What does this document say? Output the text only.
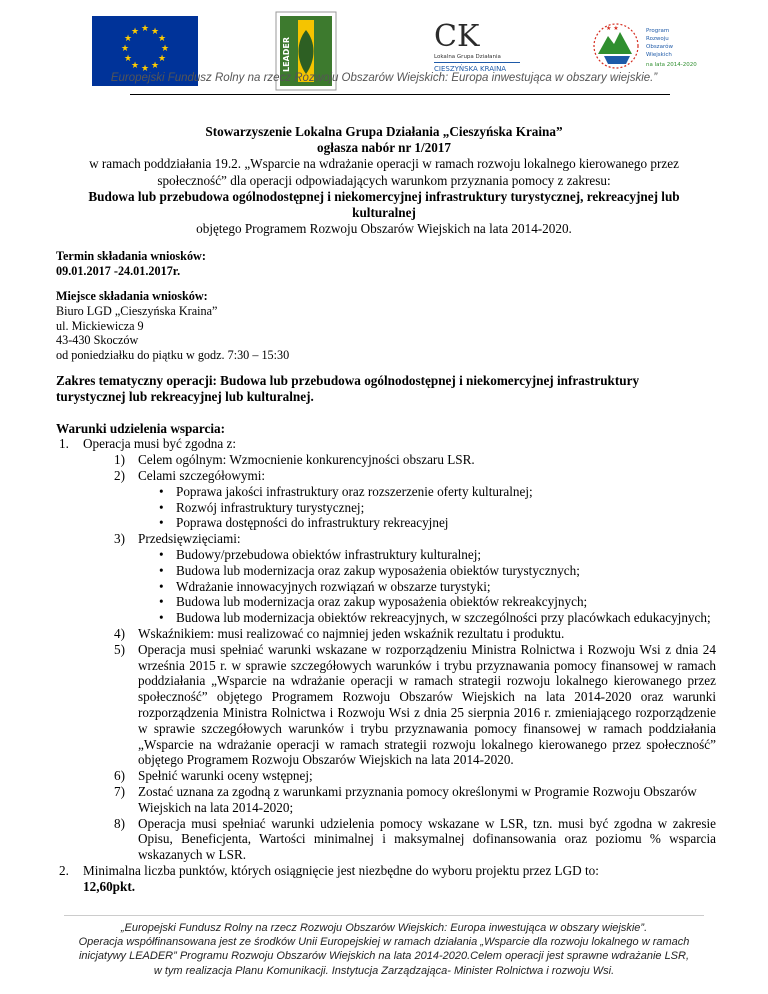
★ ★
★
★
★
★
★
★
★
★
★
★
LEADER
CK
Lokalna Grupa Działania
CIESZYŃSKA KRAINA
★ ★	Program
Rozwoju
Obszarów
Wiejskich
na lata 2014-2020
Europejski Fundusz Rolny na rzecz Rozwoju Obszarów Wiejskich: Europa inwestująca w obszary wiejskie.”
Stowarzyszenie Lokalna Grupa Działania „Cieszyńska Kraina”
ogłasza nabór nr 1/2017
w ramach poddziałania 19.2. „Wsparcie na wdrażanie operacji w ramach rozwoju lokalnego kierowanego przez
społeczność” dla operacji odpowiadających warunkom przyznania pomocy z zakresu:
Budowa lub przebudowa ogólnodostępnej i niekomercyjnej infrastruktury turystycznej, rekreacyjnej lub
kulturalnej
objętego Programem Rozwoju Obszarów Wiejskich na lata 2014-2020.
Termin składania wniosków:
09.01.2017 -24.01.2017r.
Miejsce składania wniosków:
Biuro LGD „Cieszyńska Kraina”
ul. Mickiewicza 9
43-430 Skoczów
od poniedziałku do piątku w godz. 7:30 – 15:30

Zakres tematyczny operacji: Budowa lub przebudowa ogólnodostępnej i niekomercyjnej infrastruktury

turystycznej lub rekreacyjnej lub kulturalnej.

Warunki udzielenia wsparcia:

1. Operacja musi być zgodna z:
1) Celem ogólnym: Wzmocnienie konkurencyjności obszaru LSR.
2) Celami szczegółowymi:
• Poprawa jakości infrastruktury oraz rozszerzenie oferty kulturalnej;
• Rozwój infrastruktury turystycznej;
• Poprawa dostępności do infrastruktury rekreacyjnej
3) Przedsięwzięciami:
• Budowy/przebudowa obiektów infrastruktury kulturalnej;
• Budowa lub modernizacja oraz zakup wyposażenia obiektów turystycznych;
• Wdrażanie innowacyjnych rozwiązań w obszarze turystyki;
• Budowa lub modernizacja oraz zakup wyposażenia obiektów rekreakcyjnych;
• Budowa lub modernizacja obiektów rekreacyjnych, w szczególności przy placówkach edukacyjnych;
4) Wskaźnikiem: musi realizować co najmniej jeden wskaźnik rezultatu i produktu.
5) Operacja musi spełniać warunki wskazane w rozporządzeniu Ministra Rolnictwa i Rozwoju Wsi z dnia 24 września 2015 r. w sprawie szczegółowych warunków i trybu przyznawania pomocy finansowej w ramach poddziałania „Wsparcie na wdrażanie operacji w ramach strategii rozwoju lokalnego kierowanego przez społeczność” objętego Programem Rozwoju Obszarów Wiejskich na lata 2014-2020 oraz warunki rozporządzenia Ministra Rolnictwa i Rozwoju Wsi z dnia 25 sierpnia 2016 r. zmieniającego rozporządzenie w sprawie szczegółowych warunków i trybu przyznawania pomocy finansowej w ramach poddziałania „Wsparcie na wdrażanie operacji w ramach strategii rozwoju lokalnego kierowanego przez społeczność” objętego Programem Rozwoju Obszarów Wiejskich na lata 2014-2020.
6) Spełnić warunki oceny wstępnej;
7) Zostać uznana za zgodną z warunkami przyznania pomocy określonymi w Programie Rozwoju Obszarów Wiejskich na lata 2014-2020;
8) Operacja musi spełniać warunki udzielenia pomocy wskazane w LSR, tzn. musi być zgodna w zakresie Opisu, Beneficjenta, Wartości minimalnej i maksymalnej dofinansowania oraz poziomu % wsparcia wskazanych w LSR.
2. Minimalna liczba punktów, których osiągnięcie jest niezbędne do wyboru projektu przez LGD to:
12,60pkt.
„Europejski Fundusz Rolny na rzecz Rozwoju Obszarów Wiejskich: Europa inwestująca w obszary wiejskie”.
Operacja współfinansowana jest ze środków Unii Europejskiej w ramach działania „Wsparcie dla rozwoju lokalnego w ramach
inicjatywy LEADER” Programu Rozwoju Obszarów Wiejskich na lata 2014-2020.Celem operacji jest sprawne wdrażanie LSR,
w tym realizacja Planu Komunikacji. Instytucja Zarządzająca- Minister Rolnictwa i rozwoju Wsi.
